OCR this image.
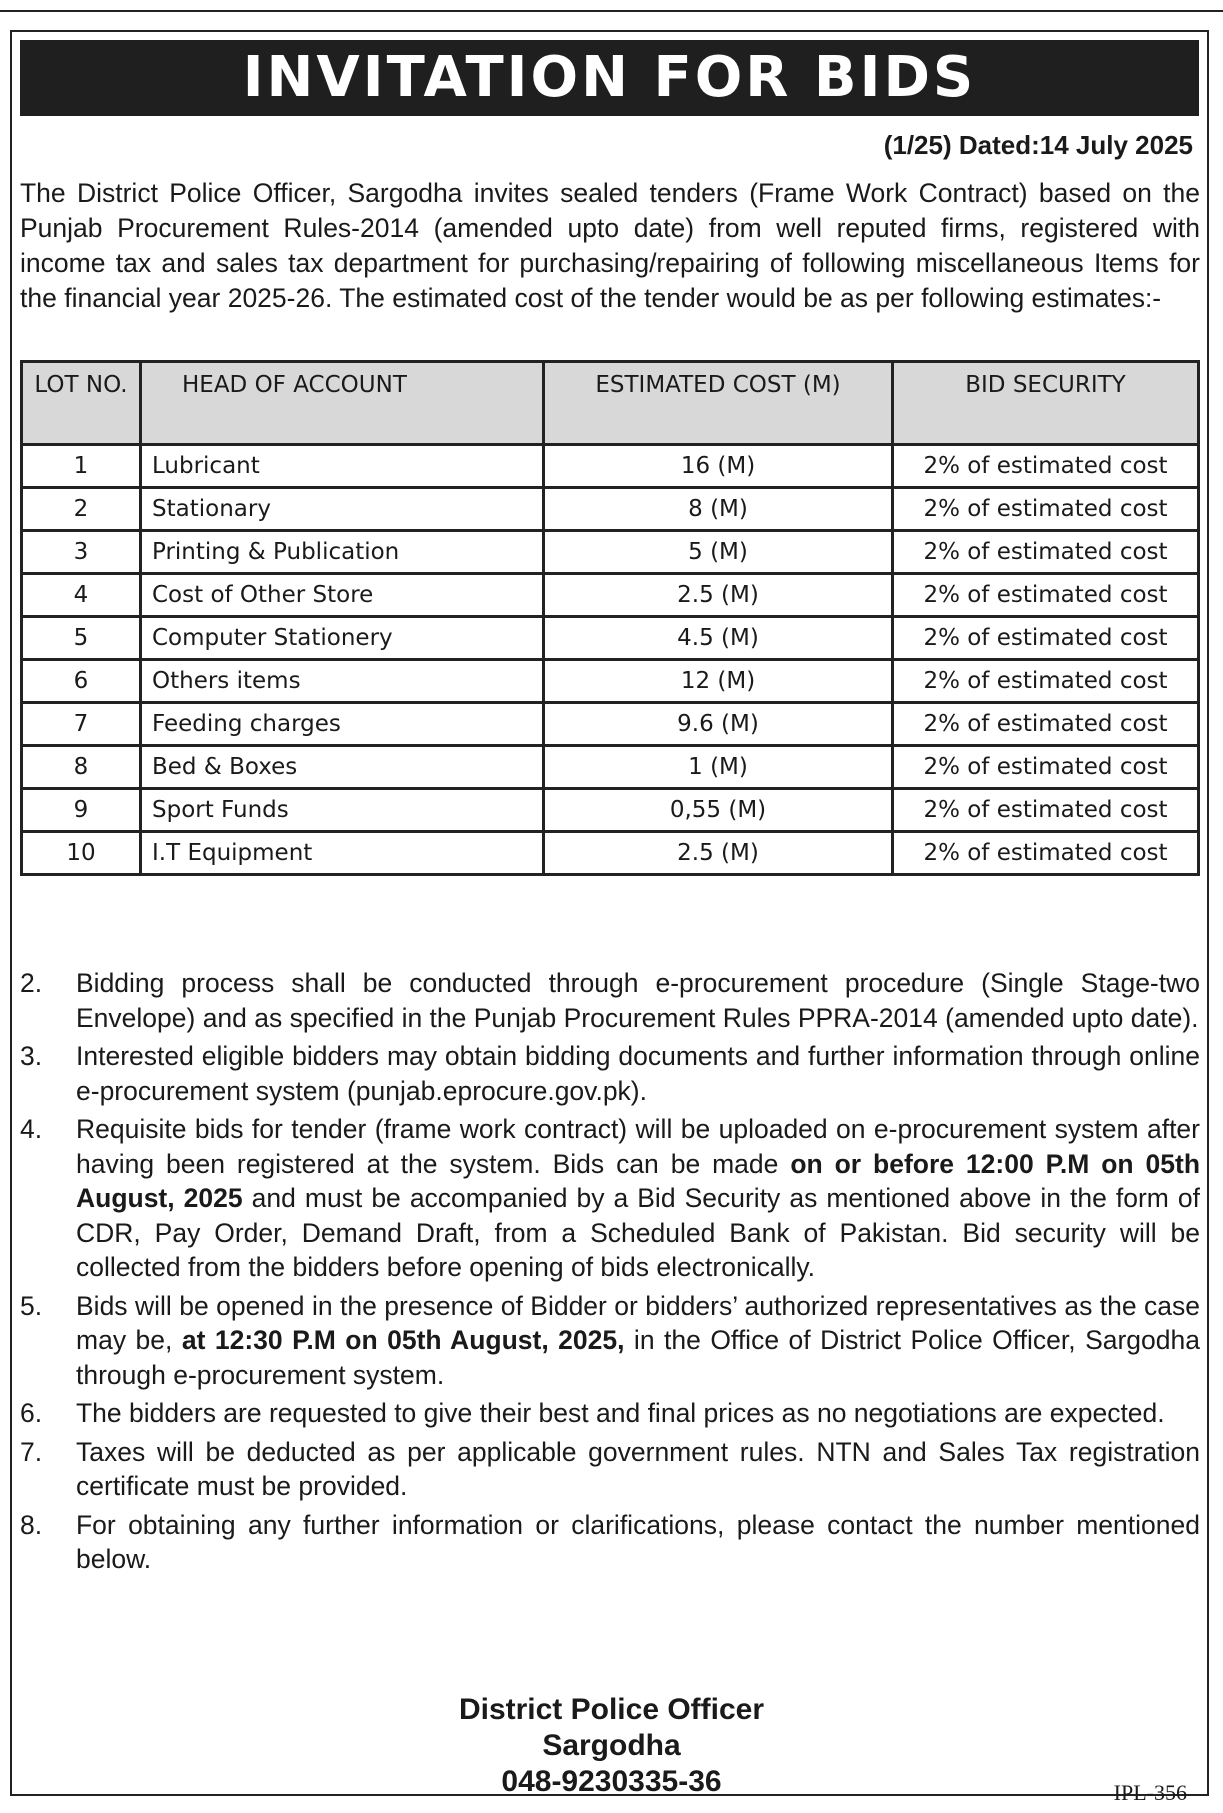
INVITATION FOR BIDS
(1/25) Dated:14 July 2025

The District Police Officer, Sargodha invites sealed tenders (Frame Work Contract) based on the Punjab Procurement Rules-2014 (amended upto date) from well reputed firms, registered with income tax and sales tax department for purchasing/repairing of following miscellaneous Items for the financial year 2025-26. The estimated cost of the tender would be as per following estimates:-

LOT NO.	HEAD OF ACCOUNT	ESTIMATED COST (M)	BID SECURITY
1	Lubricant	16 (M)	2% of estimated cost
2	Stationary	8 (M)	2% of estimated cost
3	Printing & Publication	5 (M)	2% of estimated cost
4	Cost of Other Store	2.5 (M)	2% of estimated cost
5	Computer Stationery	4.5 (M)	2% of estimated cost
6	Others items	12 (M)	2% of estimated cost
7	Feeding charges	9.6 (M)	2% of estimated cost
8	Bed & Boxes	1 (M)	2% of estimated cost
9	Sport Funds	0,55 (M)	2% of estimated cost
10	I.T Equipment	2.5 (M)	2% of estimated cost
2.	Bidding process shall be conducted through e-procurement procedure (Single Stage-two Envelope) and as specified in the Punjab Procurement Rules PPRA-2014 (amended upto date).
3.	Interested eligible bidders may obtain bidding documents and further information through online e-procurement system (punjab.eprocure.gov.pk).
4.	Requisite bids for tender (frame work contract) will be uploaded on e-procurement system after having been registered at the system. Bids can be made on or before 12:00 P.M on 05th August, 2025 and must be accompanied by a Bid Security as mentioned above in the form of CDR, Pay Order, Demand Draft, from a Scheduled Bank of Pakistan. Bid security will be collected from the bidders before opening of bids electronically.
5.	Bids will be opened in the presence of Bidder or bidders’ authorized representatives as the case may be, at 12:30 P.M on 05th August, 2025, in the Office of District Police Officer, Sargodha through e-procurement system.
6.	The bidders are requested to give their best and final prices as no negotiations are expected.
7.	Taxes will be deducted as per applicable government rules. NTN and Sales Tax registration certificate must be provided.
8.	For obtaining any further information or clarifications, please contact the number mentioned below.
District Police Officer
Sargodha
048-9230335-36	IPL-356
